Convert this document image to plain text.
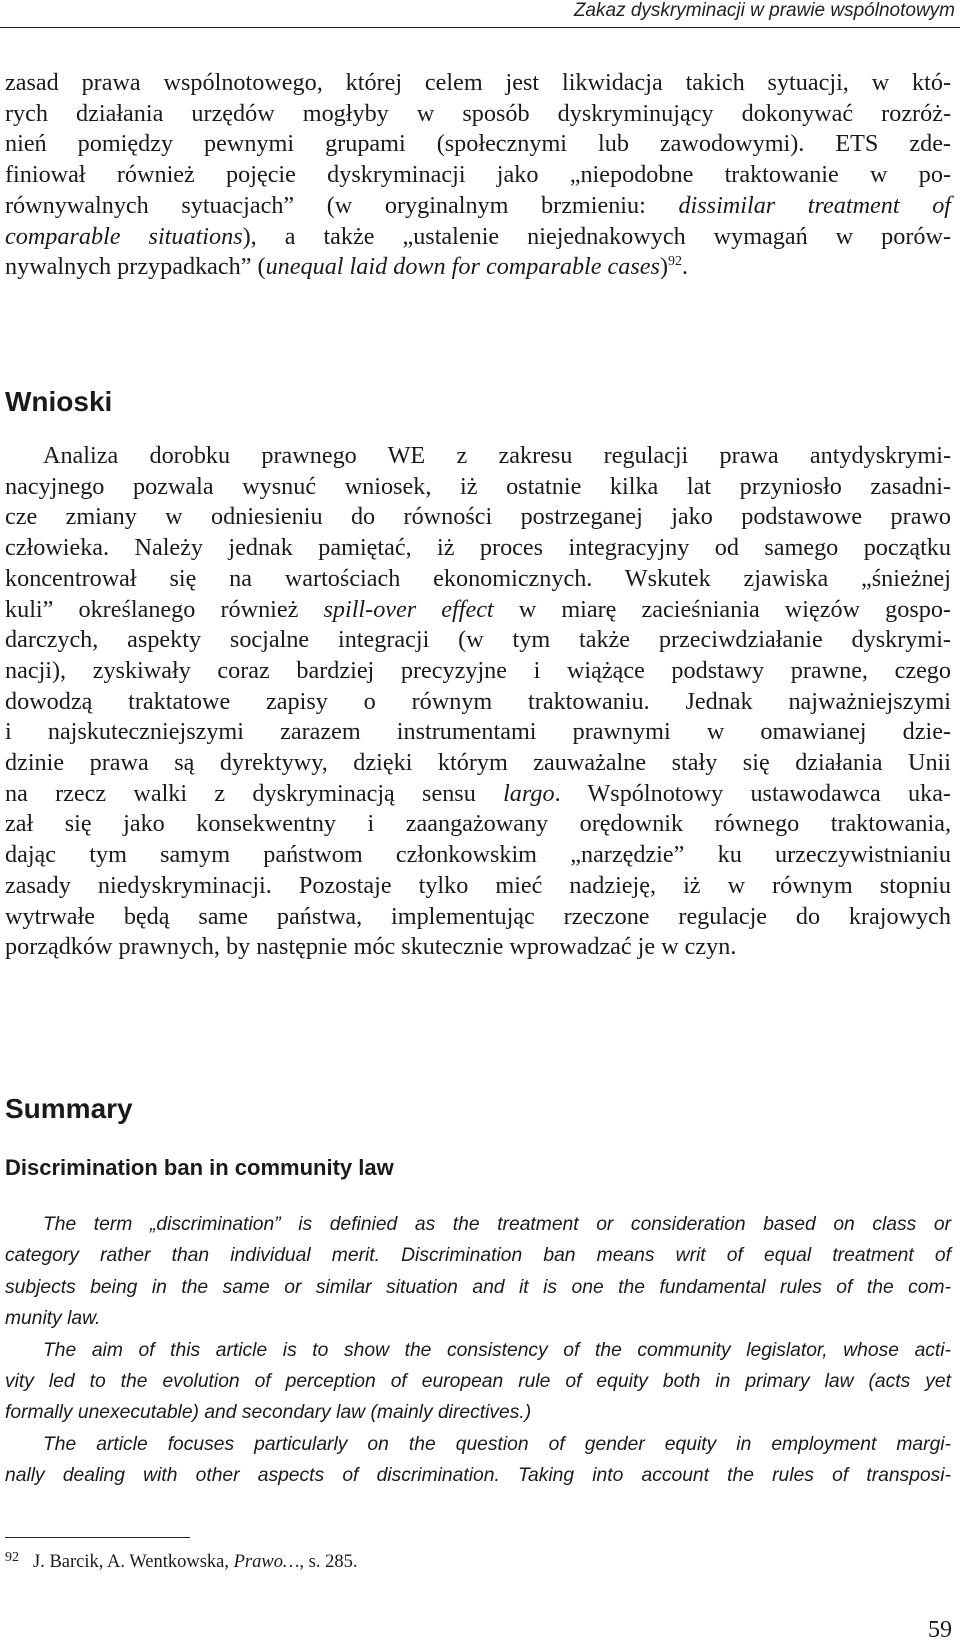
Zakaz dyskryminacji w prawie wspólnotowym
zasad prawa wspólnotowego, której celem jest likwidacja takich sytuacji, w któ-
rych działania urzędów mogłyby w sposób dyskryminujący dokonywać rozróż-
nień pomiędzy pewnymi grupami (społecznymi lub zawodowymi). ETS zde-
finiował również pojęcie dyskryminacji jako „niepodobne traktowanie w po-
równywalnych sytuacjach” (w oryginalnym brzmieniu: dissimilar treatment of
comparable situations), a także „ustalenie niejednakowych wymagań w porów-
nywalnych przypadkach” (unequal laid down for comparable cases)$^{92}$.
Wnioski
Analiza dorobku prawnego WE z zakresu regulacji prawa antydyskrymi-
nacyjnego pozwala wysnuć wniosek, iż ostatnie kilka lat przyniosło zasadni-
cze zmiany w odniesieniu do równości postrzeganej jako podstawowe prawo
człowieka. Należy jednak pamiętać, iż proces integracyjny od samego początku
koncentrował się na wartościach ekonomicznych. Wskutek zjawiska „śnieżnej
kuli” określanego również spill-over effect w miarę zacieśniania więzów gospo-
darczych, aspekty socjalne integracji (w tym także przeciwdziałanie dyskrymi-
nacji), zyskiwały coraz bardziej precyzyjne i wiążące podstawy prawne, czego
dowodzą traktatowe zapisy o równym traktowaniu. Jednak najważniejszymi
i najskuteczniejszymi zarazem instrumentami prawnymi w omawianej dzie-
dzinie prawa są dyrektywy, dzięki którym zauważalne stały się działania Unii
na rzecz walki z dyskryminacją sensu largo. Wspólnotowy ustawodawca uka-
zał się jako konsekwentny i zaangażowany orędownik równego traktowania,
dając tym samym państwom członkowskim „narzędzie” ku urzeczywistnianiu
zasady niedyskryminacji. Pozostaje tylko mieć nadzieję, iż w równym stopniu
wytrwałe będą same państwa, implementując rzeczone regulacje do krajowych
porządków prawnych, by następnie móc skutecznie wprowadzać je w czyn.
Summary
Discrimination ban in community law
The term „discrimination” is definied as the treatment or consideration based on class or
category rather than individual merit. Discrimination ban means writ of equal treatment of
subjects being in the same or similar situation and it is one the fundamental rules of the com-
munity law.
The aim of this article is to show the consistency of the community legislator, whose acti-
vity led to the evolution of perception of european rule of equity both in primary law (acts yet
formally unexecutable) and secondary law (mainly directives.)
The article focuses particularly on the question of gender equity in employment margi-
nally dealing with other aspects of discrimination. Taking into account the rules of transposi-
$^{92}$ J. Barcik, A. Wentkowska, Prawo…, s. 285.
59
